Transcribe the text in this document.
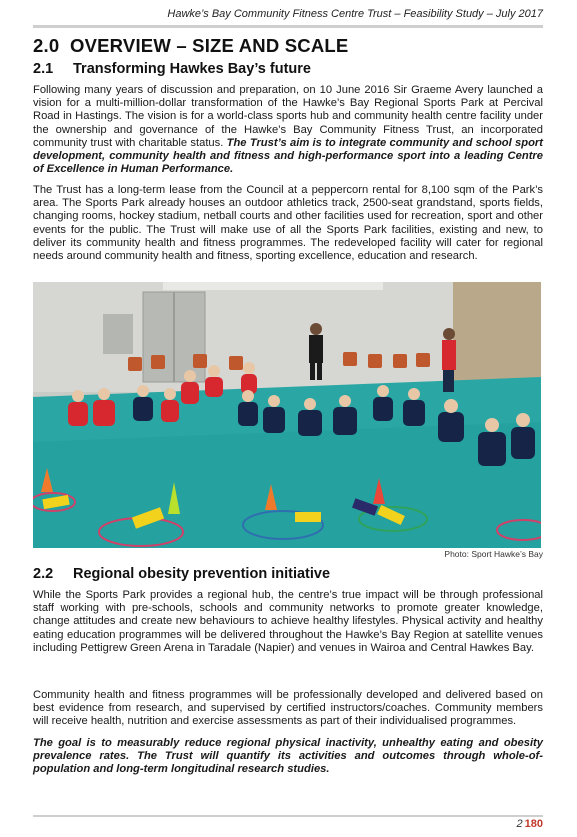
Hawke’s Bay Community Fitness Centre Trust – Feasibility Study – July 2017
2.0 OVERVIEW – SIZE AND SCALE
2.1 Transforming Hawkes Bay’s future
Following many years of discussion and preparation, on 10 June 2016 Sir Graeme Avery launched a vision for a multi-million-dollar transformation of the Hawke’s Bay Regional Sports Park at Percival Road in Hastings. The vision is for a world-class sports hub and community health centre facility under the ownership and governance of the Hawke’s Bay Community Fitness Trust, an incorporated community trust with charitable status. The Trust’s aim is to integrate community and school sport development, community health and fitness and high-performance sport into a leading Centre of Excellence in Human Performance.
The Trust has a long-term lease from the Council at a peppercorn rental for 8,100 sqm of the Park’s area. The Sports Park already houses an outdoor athletics track, 2500-seat grandstand, sports fields, changing rooms, hockey stadium, netball courts and other facilities used for recreation, sport and other events for the public. The Trust will make use of all the Sports Park facilities, existing and new, to deliver its community health and fitness programmes. The redeveloped facility will cater for regional needs around community health and fitness, sporting excellence, education and research.
Photo: Sport Hawke’s Bay
2.2 Regional obesity prevention initiative
While the Sports Park provides a regional hub, the centre’s true impact will be through professional staff working with pre-schools, schools and community networks to promote greater knowledge, change attitudes and create new behaviours to achieve healthy lifestyles. Physical activity and healthy eating education programmes will be delivered throughout the Hawke’s Bay Region at satellite venues including Pettigrew Green Arena in Taradale (Napier) and venues in Wairoa and Central Hawkes Bay.
Community health and fitness programmes will be professionally developed and delivered based on best evidence from research, and supervised by certified instructors/coaches. Community members will receive health, nutrition and exercise assessments as part of their individualised programmes.
The goal is to measurably reduce regional physical inactivity, unhealthy eating and obesity prevalence rates. The Trust will quantify its activities and outcomes through whole-of-population and long-term longitudinal research studies.
2 180
